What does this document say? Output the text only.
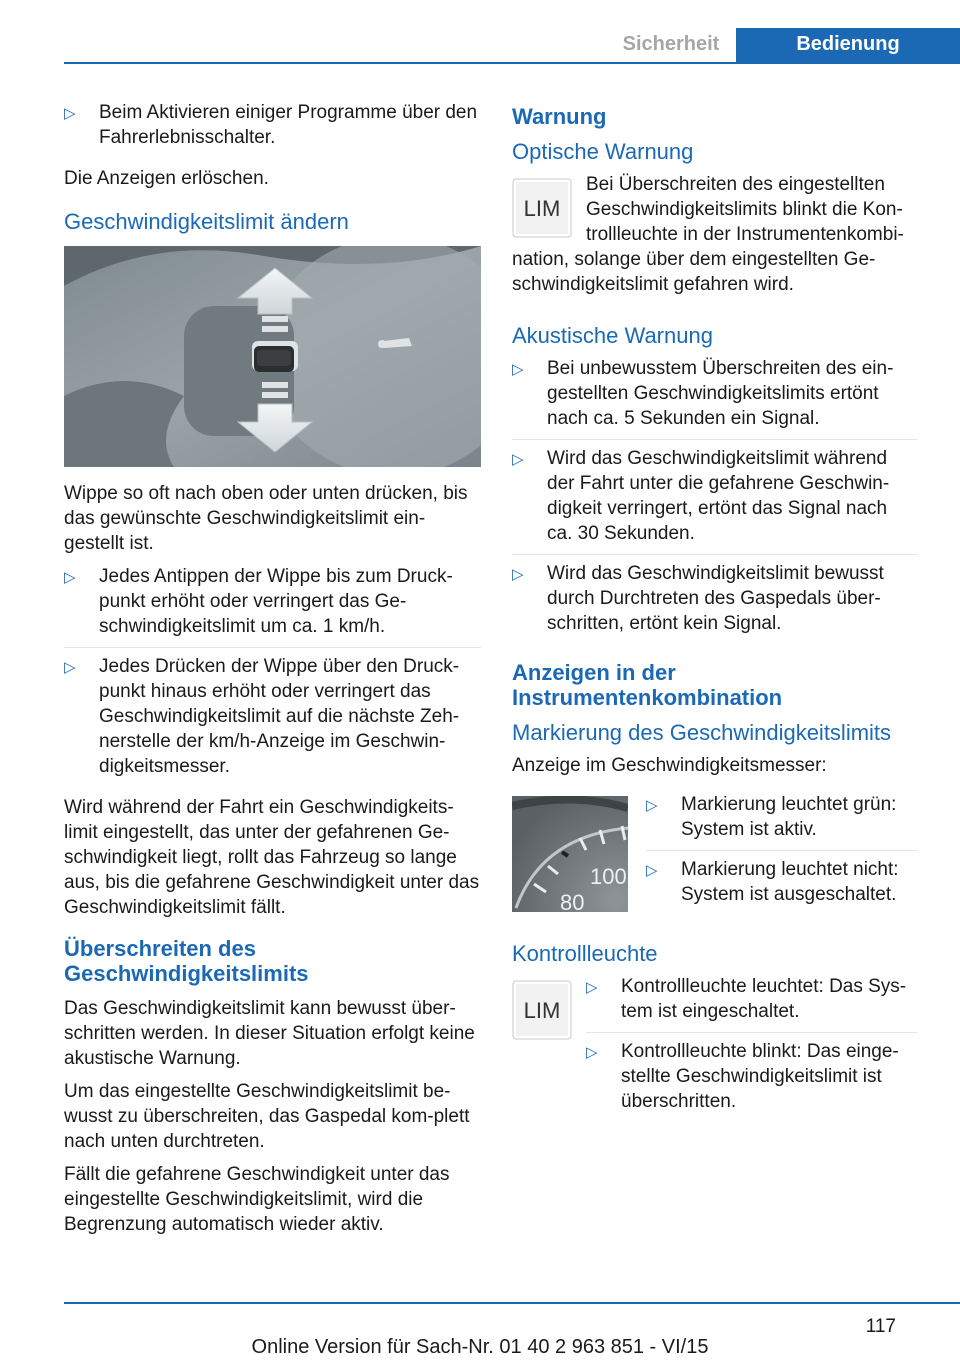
Sicherheit	Bedienung
▷ Beim Aktivieren einiger Programme über den Fahrerlebnisschalter.

Die Anzeigen erlöschen.

Geschwindigkeitslimit ändern

Wippe so oft nach oben oder unten drücken, bis das gewünschte Geschwindigkeitslimit ein-gestellt ist.

▷ Jedes Antippen der Wippe bis zum Druck-punkt erhöht oder verringert das Ge-schwindigkeitslimit um ca. 1 km/h.
▷ Jedes Drücken der Wippe über den Druck-punkt hinaus erhöht oder verringert das Geschwindigkeitslimit auf die nächste Zeh-nerstelle der km/h-Anzeige im Geschwin-digkeitsmesser.

Wird während der Fahrt ein Geschwindigkeits-limit eingestellt, das unter der gefahrenen Ge-schwindigkeit liegt, rollt das Fahrzeug so lange aus, bis die gefahrene Geschwindigkeit unter das Geschwindigkeitslimit fällt.

Überschreiten des Geschwindigkeitslimits

Das Geschwindigkeitslimit kann bewusst über-schritten werden. In dieser Situation erfolgt keine akustische Warnung.

Um das eingestellte Geschwindigkeitslimit be-wusst zu überschreiten, das Gaspedal kom-plett nach unten durchtreten.

Fällt die gefahrene Geschwindigkeit unter das eingestellte Geschwindigkeitslimit, wird die Begrenzung automatisch wieder aktiv.

Warnung
Optische Warnung
LIM

Bei Überschreiten des eingestellten Geschwindigkeitslimits blinkt die Kon-trollleuchte in der Instrumentenkombi-nation, solange über dem eingestellten Ge-schwindigkeitslimit gefahren wird.

Akustische Warnung
▷ Bei unbewusstem Überschreiten des ein-gestellten Geschwindigkeitslimits ertönt nach ca. 5 Sekunden ein Signal.
▷ Wird das Geschwindigkeitslimit während der Fahrt unter die gefahrene Geschwin-digkeit verringert, ertönt das Signal nach ca. 30 Sekunden.
▷ Wird das Geschwindigkeitslimit bewusst durch Durchtreten des Gaspedals über-schritten, ertönt kein Signal.
Anzeigen in der Instrumentenkombination
Markierung des Geschwindigkeitslimits

Anzeige im Geschwindigkeitsmesser:

100
80
▷ Markierung leuchtet grün: System ist aktiv.
▷ Markierung leuchtet nicht: System ist ausgeschaltet.
Kontrollleuchte
LIM
▷ Kontrollleuchte leuchtet: Das Sys-tem ist eingeschaltet.
▷ Kontrollleuchte blinkt: Das einge-stellte Geschwindigkeitslimit ist überschritten.
117
Online Version für Sach-Nr. 01 40 2 963 851 - VI/15
